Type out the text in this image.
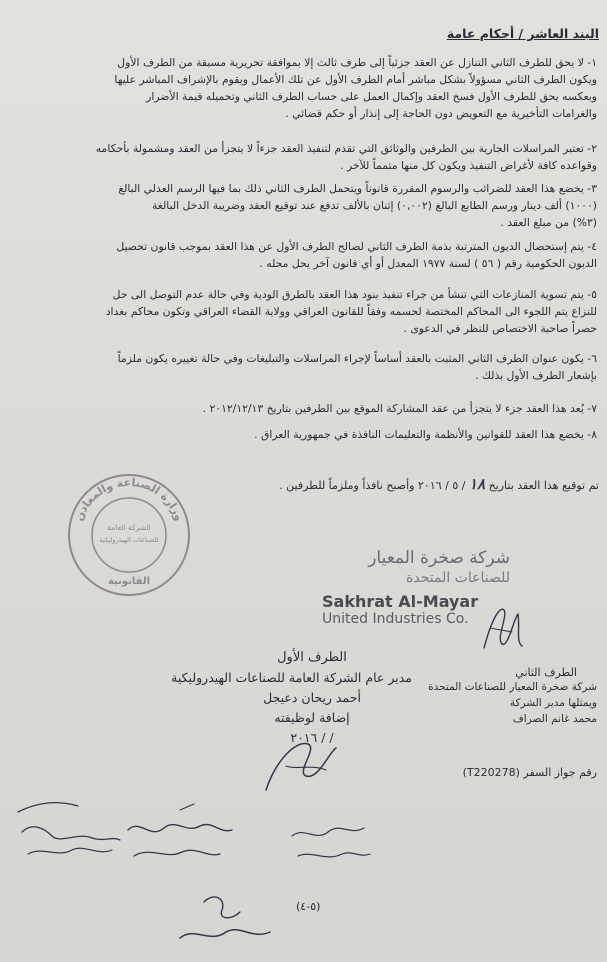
البند العاشر / أحكام عامة
١- لا يحق للطرف الثاني التنازل عن العقد جزئياً إلى طرف ثالث إلا بموافقة تحريرية مسبقة من الطرف الأول
ويكون الطرف الثاني مسؤولاً بشكل مباشر أمام الطرف الأول عن تلك الأعمال ويقوم بالإشراف المباشر عليها
وبعكسه يحق للطرف الأول فسخ العقد وإكمال العمل على حساب الطرف الثاني وتحميله قيمة الأضرار
والغرامات التأخيرية مع التعويض دون الحاجة إلى إنذار أو حكم قضائي .
٢- تعتبر المراسلات الجارية بين الطرفين والوثائق التي تقدم لتنفيذ العقد جزءاً لا يتجزأ من العقد ومشمولة بأحكامه
وقواعده كافة لأغراض التنفيذ ويكون كل منها متمماً للآخر .
٣- يخضع هذا العقد للضرائب والرسوم المقررة قانوناً ويتحمل الطرف الثاني ذلك بما فيها الرسم العدلي البالغ
(١٠٠٠) ألف دينار ورسم الطابع البالغ (٠,٠٠٢) إثنان بالألف تدفع عند توقيع العقد وضريبة الدخل البالغة
(٣%) من مبلغ العقد .
٤- يتم إستحصال الديون المترتبة بذمة الطرف الثاني لصالح الطرف الأول عن هذا العقد بموجب قانون تحصيل
الديون الحكومية رقم ( ٥٦ ) لسنة ١٩٧٧ المعدل أو أي قانون آخر يحل محله .
٥- يتم تسوية المنازعات التي تنشأ من جراء تنفيذ بنود هذا العقد بالطرق الودية وفي حالة عدم التوصل الى حل
للنزاع يتم اللجوء الى المحاكم المختصة لحسمه وفقاً للقانون العراقي وولاية القضاء العراقي وتكون محاكم بغداد
حصراً صاحبة الاختصاص للنظر في الدعوى .
٦- يكون عنوان الطرف الثاني المثبت بالعقد أساساً لإجراء المراسلات والتبليغات وفي حالة تغييره يكون ملزماً
بإشعار الطرف الأول بذلك .
٧- يُعد هذا العقد جزء لا يتجزأ من عقد المشاركة الموقع بين الطرفين بتاريخ ٢٠١٢/١٢/١٣ .
٨- يخضع هذا العقد للقوانين والأنظمة والتعليمات النافذة في جمهورية العراق .
تم توقيع هذا العقد بتاريخ ١٨ / ٥ / ٢٠١٦ وأصبح نافذاً وملزماً للطرفين .
وزارة الصناعة والمعادن
الشركة العامة
للصناعات الهيدروليكية
القانونية
شركة صخرة المعيار
للصناعات المتحدة
Sakhrat Al-Mayar
United Industries Co.
الطرف الأول
مدير عام الشركة العامة للصناعات الهيدروليكية
أحمد ريحان دعيجل
إضافة لوظيفته
/ / ٢٠١٦
الطرف الثاني
شركة صخرة المعيار للصناعات المتحدة
ويمثلها مدير الشركة
محمد غانم الصراف
رقم جواز السفر (T220278)
(٥-٤)
